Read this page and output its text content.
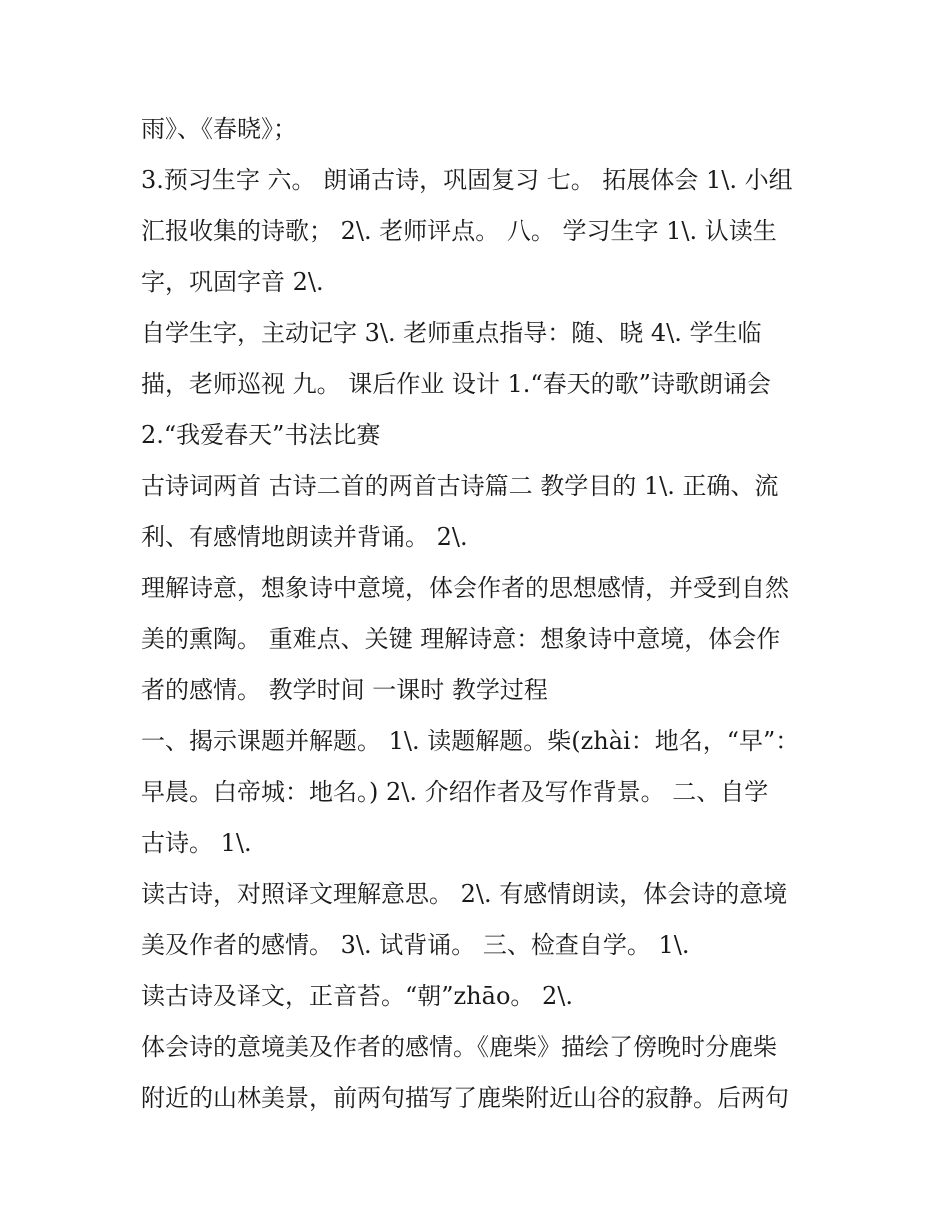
雨》、《春晓》；
3.预习生字 六。 朗诵古诗，巩固复习 七。 拓展体会 1\. 小组
汇报收集的诗歌； 2\. 老师评点。 八。 学习生字 1\. 认读生
字，巩固字音 2\.
自学生字，主动记字 3\. 老师重点指导：随、晓 4\. 学生临
描，老师巡视 九。 课后作业 设计 1.“春天的歌”诗歌朗诵会
2.“我爱春天”书法比赛
古诗词两首 古诗二首的两首古诗篇二 教学目的 1\. 正确、流
利、有感情地朗读并背诵。 2\.
理解诗意，想象诗中意境，体会作者的思想感情，并受到自然
美的熏陶。 重难点、关键 理解诗意：想象诗中意境，体会作
者的感情。 教学时间 一课时 教学过程
一、揭示课题并解题。 1\. 读题解题。柴(zhài：地名，“早”：
早晨。白帝城：地名。) 2\. 介绍作者及写作背景。 二、自学
古诗。 1\.
读古诗，对照译文理解意思。 2\. 有感情朗读，体会诗的意境
美及作者的感情。 3\. 试背诵。 三、检查自学。 1\.
读古诗及译文，正音苔。“朝”zhāo。 2\.
体会诗的意境美及作者的感情。《鹿柴》描绘了傍晚时分鹿柴
附近的山林美景，前两句描写了鹿柴附近山谷的寂静。后两句
